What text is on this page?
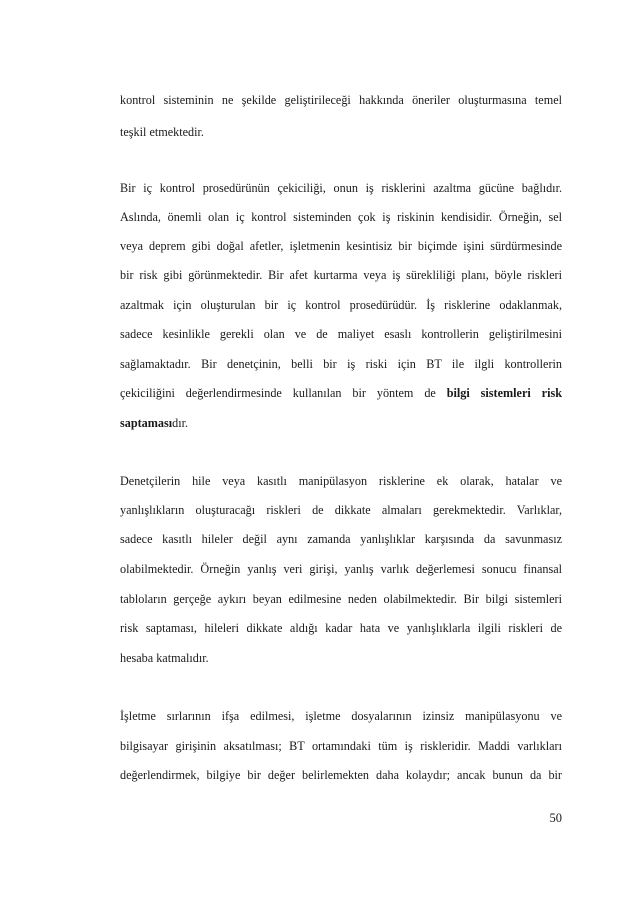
kontrol sisteminin ne şekilde geliştirileceği hakkında öneriler oluşturmasına temel
teşkil etmektedir.
Bir iç kontrol prosedürünün çekiciliği, onun iş risklerini azaltma gücüne bağlıdır.
Aslında, önemli olan iç kontrol sisteminden çok iş riskinin kendisidir. Örneğin, sel
veya deprem gibi doğal afetler, işletmenin kesintisiz bir biçimde işini sürdürmesinde
bir risk gibi görünmektedir. Bir afet kurtarma veya iş sürekliliği planı, böyle riskleri
azaltmak için oluşturulan bir iç kontrol prosedürüdür. İş risklerine odaklanmak,
sadece kesinlikle gerekli olan ve de maliyet esaslı kontrollerin geliştirilmesini
sağlamaktadır. Bir denetçinin, belli bir iş riski için BT ile ilgli kontrollerin
çekiciliğini değerlendirmesinde kullanılan bir yöntem de bilgi sistemleri risk
saptamasıdır.
Denetçilerin hile veya kasıtlı manipülasyon risklerine ek olarak, hatalar ve
yanlışlıkların oluşturacağı riskleri de dikkate almaları gerekmektedir. Varlıklar,
sadece kasıtlı hileler değil aynı zamanda yanlışlıklar karşısında da savunmasız
olabilmektedir. Örneğin yanlış veri girişi, yanlış varlık değerlemesi sonucu finansal
tabloların gerçeğe aykırı beyan edilmesine neden olabilmektedir. Bir bilgi sistemleri
risk saptaması, hileleri dikkate aldığı kadar hata ve yanlışlıklarla ilgili riskleri de
hesaba katmalıdır.
İşletme sırlarının ifşa edilmesi, işletme dosyalarının izinsiz manipülasyonu ve
bilgisayar girişinin aksatılması; BT ortamındaki tüm iş riskleridir. Maddi varlıkları
değerlendirmek, bilgiye bir değer belirlemekten daha kolaydır; ancak bunun da bir
50
